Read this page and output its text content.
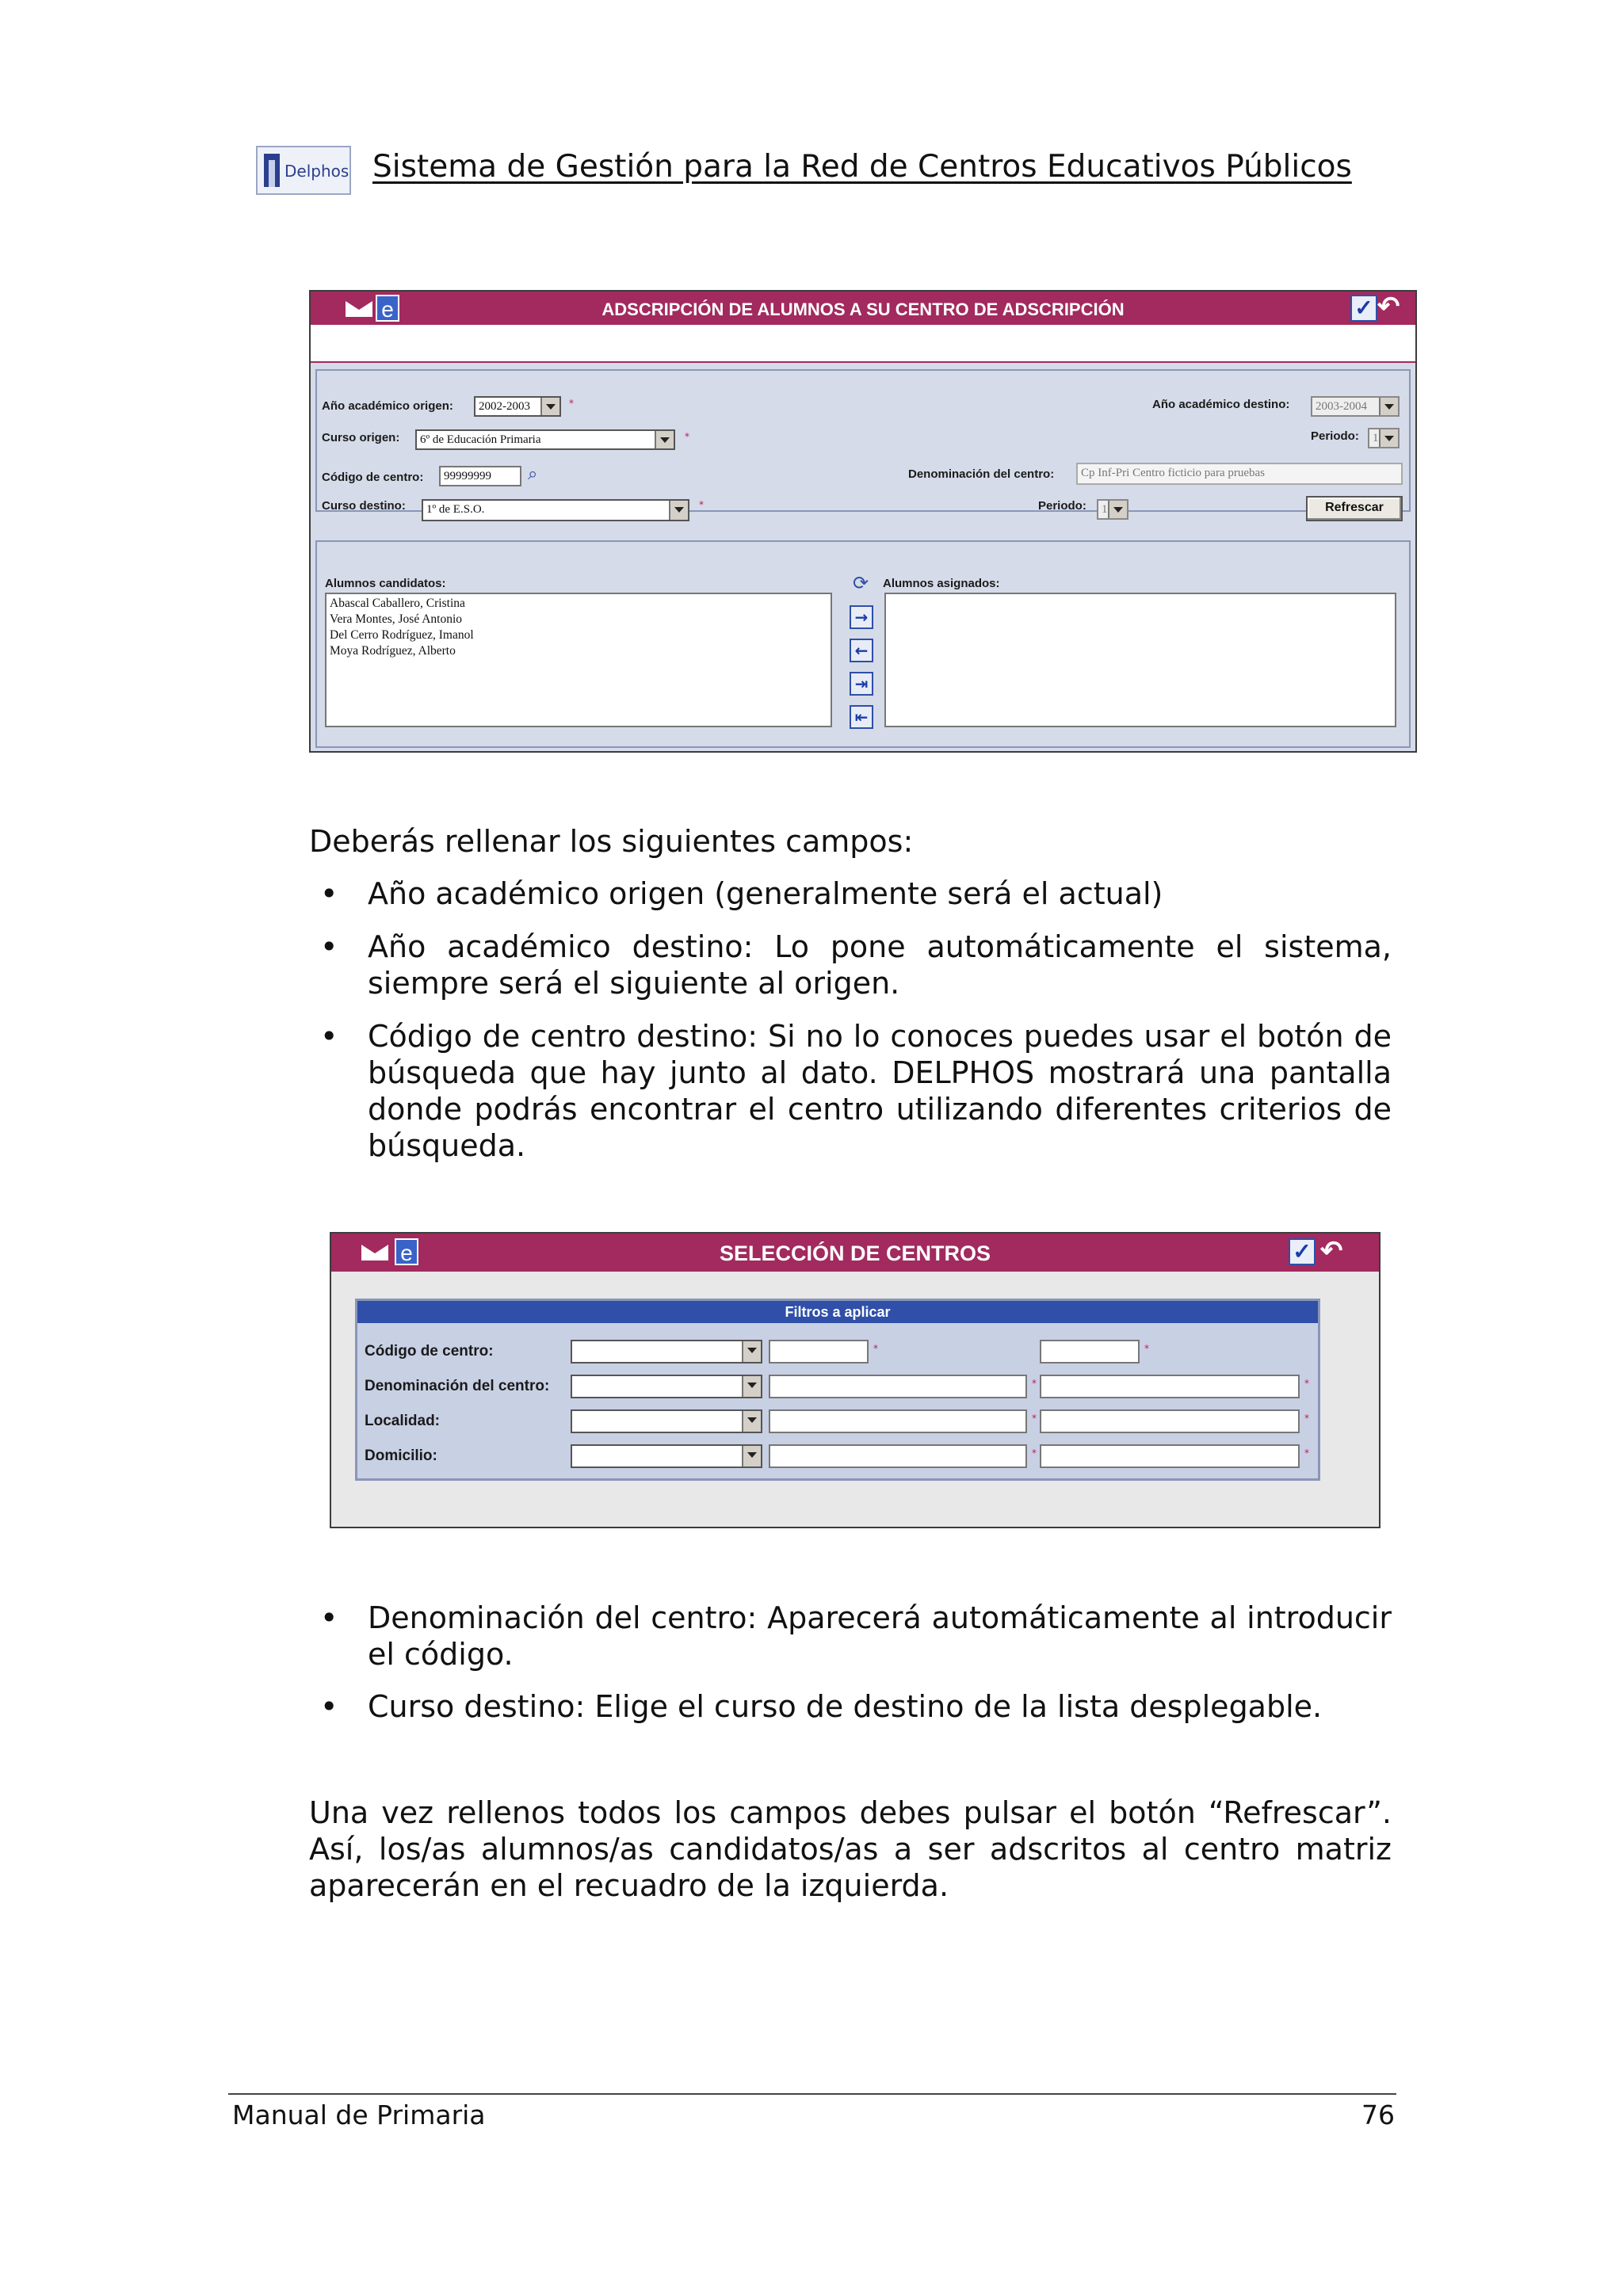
Delphos Sistema de Gestión para la Red de Centros Educativos Públicos
e	ADSCRIPCIÓN DE ALUMNOS A SU CENTRO DE ADSCRIPCIÓN	✓ ↶
Año académico origen:	2002-2003	*
Curso origen:	6º de Educación Primaria	*
Código de centro:	99999999	⌕
Curso destino:	1º de E.S.O.	*
Año académico destino:	2003-2004
Periodo:	1
Denominación del centro:	Cp Inf-Pri Centro ficticio para pruebas
Periodo:	1	Refrescar
Alumnos candidatos:
Abascal Caballero, Cristina
Vera Montes, José Antonio
Del Cerro Rodríguez, Imanol
Moya Rodríguez, Alberto
⟳
→
←
⇥
⇤
Alumnos asignados:
Deberás rellenar los siguientes campos:
• Año académico origen (generalmente será el actual)
• Año académico destino: Lo pone automáticamente el sistema, siempre será el siguiente al origen.
• Código de centro destino: Si no lo conoces puedes usar el botón de búsqueda que hay junto al dato. DELPHOS mostrará una pantalla donde podrás encontrar el centro utilizando diferentes criterios de búsqueda.
e	SELECCIÓN DE CENTROS	✓ ↶
Filtros a aplicar
Código de centro:	*	*
Denominación del centro:	*	*
Localidad:	*	*
Domicilio:	*	*
• Denominación del centro: Aparecerá automáticamente al introducir el código.
• Curso destino: Elige el curso de destino de la lista desplegable.
Una vez rellenos todos los campos debes pulsar el botón “Refrescar”. Así, los/as alumnos/as candidatos/as a ser adscritos al centro matriz aparecerán en el recuadro de la izquierda.
Manual de Primaria	76
